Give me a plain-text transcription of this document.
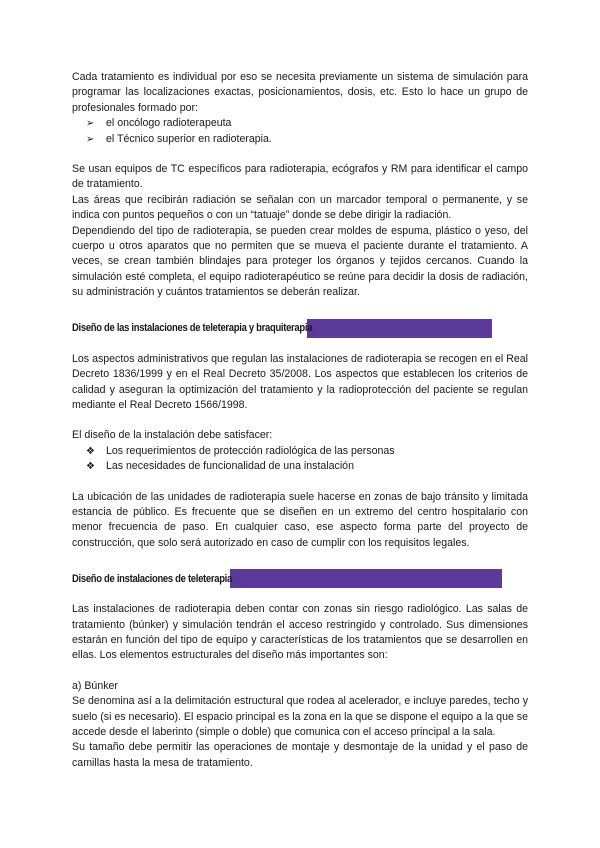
Cada tratamiento es individual por eso se necesita previamente un sistema de simulación para programar las localizaciones exactas, posicionamientos, dosis, etc. Esto lo hace un grupo de profesionales formado por:

➢	el oncólogo radioterapeuta
➢	el Técnico superior en radioterapia.

Se usan equipos de TC específicos para radioterapia, ecógrafos y RM para identificar el campo de tratamiento.

Las áreas que recibirán radiación se señalan con un marcador temporal o permanente, y se indica con puntos pequeños o con un “tatuaje” donde se debe dirigir la radiación.

Dependiendo del tipo de radioterapia, se pueden crear moldes de espuma, plástico o yeso, del cuerpo u otros aparatos que no permiten que se mueva el paciente durante el tratamiento. A veces, se crean también blindajes para proteger los órganos y tejidos cercanos. Cuando la simulación esté completa, el equipo radioterapéutico se reúne para decidir la dosis de radiación, su administración y cuántos tratamientos se deberán realizar.

Diseño de las instalaciones de teleterapia y braquiterapia

Los aspectos administrativos que regulan las instalaciones de radioterapia se recogen en el Real Decreto 1836/1999 y en el Real Decreto 35/2008. Los aspectos que establecen los criterios de calidad y aseguran la optimización del tratamiento y la radioprotección del paciente se regulan mediante el Real Decreto 1566/1998.

El diseño de la instalación debe satisfacer:

❖	Los requerimientos de protección radiológica de las personas
❖	Las necesidades de funcionalidad de una instalación

La ubicación de las unidades de radioterapia suele hacerse en zonas de bajo tránsito y limitada estancia de público. Es frecuente que se diseñen en un extremo del centro hospitalario con menor frecuencia de paso. En cualquier caso, ese aspecto forma parte del proyecto de construcción, que solo será autorizado en caso de cumplir con los requisitos legales.

Diseño de instalaciones de teleterapia

Las instalaciones de radioterapia deben contar con zonas sin riesgo radiológico. Las salas de tratamiento (búnker) y simulación tendrán el acceso restringido y controlado. Sus dimensiones estarán en función del tipo de equipo y características de los tratamientos que se desarrollen en ellas. Los elementos estructurales del diseño más importantes son:

a) Búnker

Se denomina así a la delimitación estructural que rodea al acelerador, e incluye paredes, techo y suelo (si es necesario). El espacio principal es la zona en la que se dispone el equipo a la que se accede desde el laberinto (simple o doble) que comunica con el acceso principal a la sala.

Su tamaño debe permitir las operaciones de montaje y desmontaje de la unidad y el paso de camillas hasta la mesa de tratamiento.
